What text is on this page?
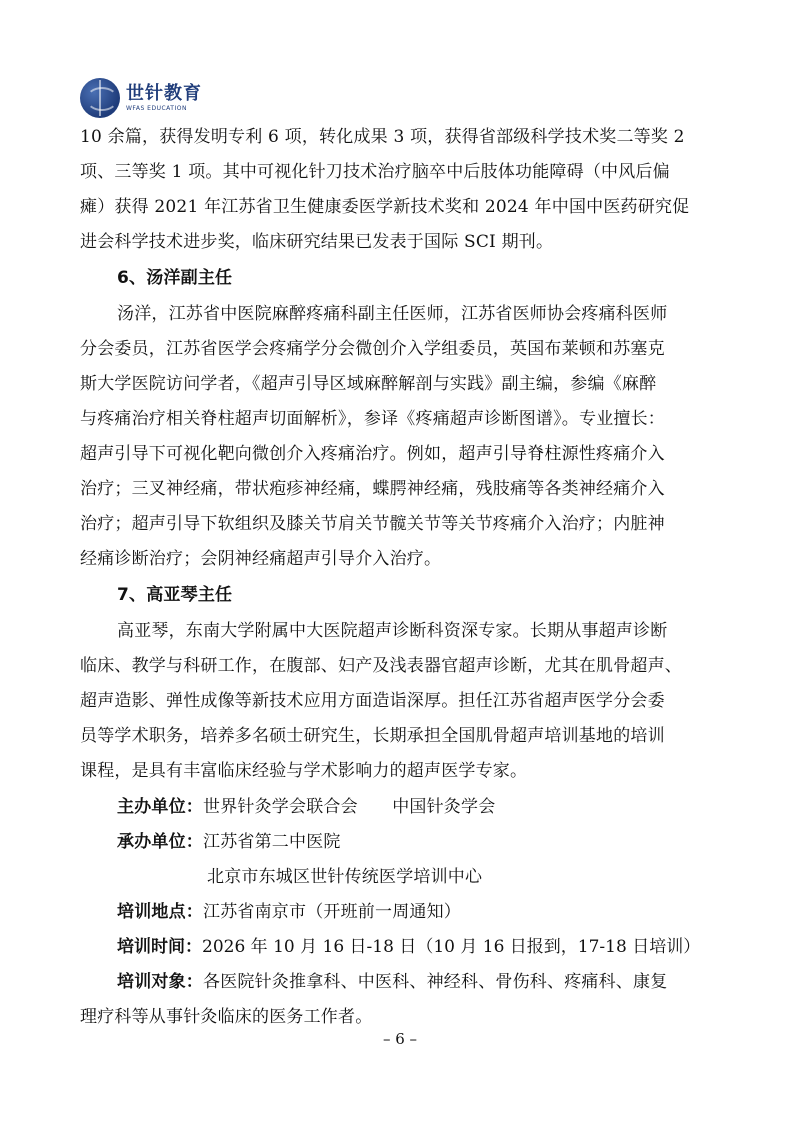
世针教育
WFAS EDUCATION
10 余篇，获得发明专利 6 项，转化成果 3 项，获得省部级科学技术奖二等奖 2
项、三等奖 1 项。其中可视化针刀技术治疗脑卒中后肢体功能障碍（中风后偏
瘫）获得 2021 年江苏省卫生健康委医学新技术奖和 2024 年中国中医药研究促
进会科学技术进步奖，临床研究结果已发表于国际 SCI 期刊。
6、汤洋副主任
汤洋，江苏省中医院麻醉疼痛科副主任医师，江苏省医师协会疼痛科医师
分会委员，江苏省医学会疼痛学分会微创介入学组委员，英国布莱顿和苏塞克
斯大学医院访问学者，《超声引导区域麻醉解剖与实践》副主编，参编《麻醉
与疼痛治疗相关脊柱超声切面解析》，参译《疼痛超声诊断图谱》。专业擅长：
超声引导下可视化靶向微创介入疼痛治疗。例如，超声引导脊柱源性疼痛介入
治疗；三叉神经痛，带状疱疹神经痛，蝶腭神经痛，残肢痛等各类神经痛介入
治疗；超声引导下软组织及膝关节肩关节髋关节等关节疼痛介入治疗；内脏神
经痛诊断治疗；会阴神经痛超声引导介入治疗。
7、高亚琴主任
高亚琴，东南大学附属中大医院超声诊断科资深专家。长期从事超声诊断
临床、教学与科研工作，在腹部、妇产及浅表器官超声诊断，尤其在肌骨超声、
超声造影、弹性成像等新技术应用方面造诣深厚。担任江苏省超声医学分会委
员等学术职务，培养多名硕士研究生，长期承担全国肌骨超声培训基地的培训
课程，是具有丰富临床经验与学术影响力的超声医学专家。
主办单位：世界针灸学会联合会　　中国针灸学会
承办单位：江苏省第二中医院
北京市东城区世针传统医学培训中心
培训地点：江苏省南京市（开班前一周通知）
培训时间：2026 年 10 月 16 日-18 日（10 月 16 日报到，17-18 日培训）
培训对象：各医院针灸推拿科、中医科、神经科、骨伤科、疼痛科、康复
理疗科等从事针灸临床的医务工作者。
– 6 –
